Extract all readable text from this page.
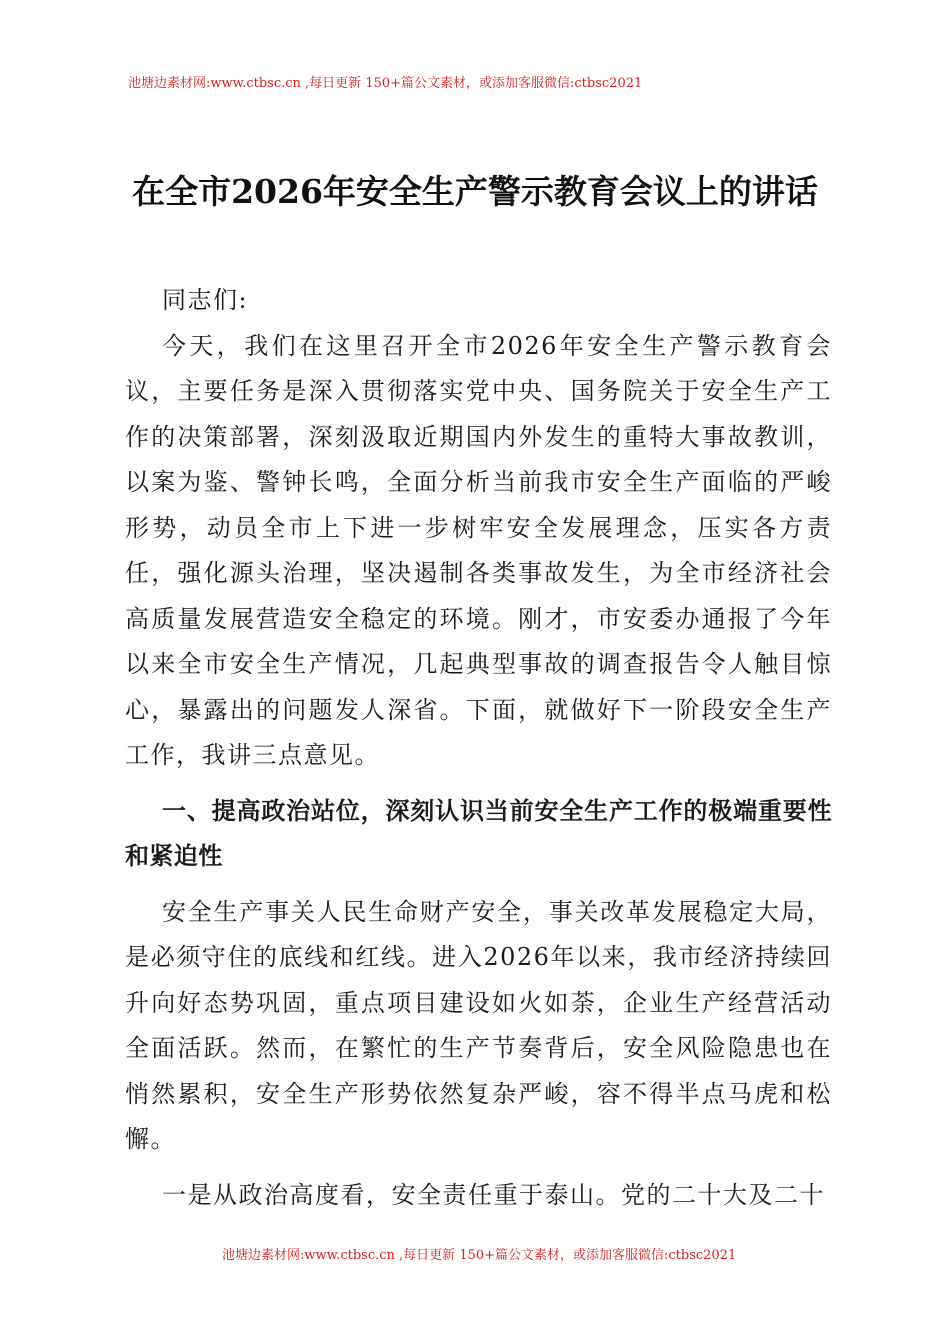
池塘边素材网:www.ctbsc.cn ,每日更新 150+篇公文素材，或添加客服微信:ctbsc2021
在全市2026年安全生产警示教育会议上的讲话

同志们:

今天，我们在这里召开全市2026年安全生产警示教育会议，主要任务是深入贯彻落实党中央、国务院关于安全生产工作的决策部署，深刻汲取近期国内外发生的重特大事故教训，以案为鉴、警钟长鸣，全面分析当前我市安全生产面临的严峻形势，动员全市上下进一步树牢安全发展理念，压实各方责任，强化源头治理，坚决遏制各类事故发生，为全市经济社会高质量发展营造安全稳定的环境。刚才，市安委办通报了今年以来全市安全生产情况，几起典型事故的调查报告令人触目惊心，暴露出的问题发人深省。下面，就做好下一阶段安全生产工作，我讲三点意见。

一、提高政治站位，深刻认识当前安全生产工作的极端重要性和紧迫性

安全生产事关人民生命财产安全，事关改革发展稳定大局，是必须守住的底线和红线。进入2026年以来，我市经济持续回升向好态势巩固，重点项目建设如火如荼，企业生产经营活动全面活跃。然而，在繁忙的生产节奏背后，安全风险隐患也在悄然累积，安全生产形势依然复杂严峻，容不得半点马虎和松懈。

一是从政治高度看，安全责任重于泰山。党的二十大及二十

池塘边素材网:www.ctbsc.cn ,每日更新 150+篇公文素材，或添加客服微信:ctbsc2021
